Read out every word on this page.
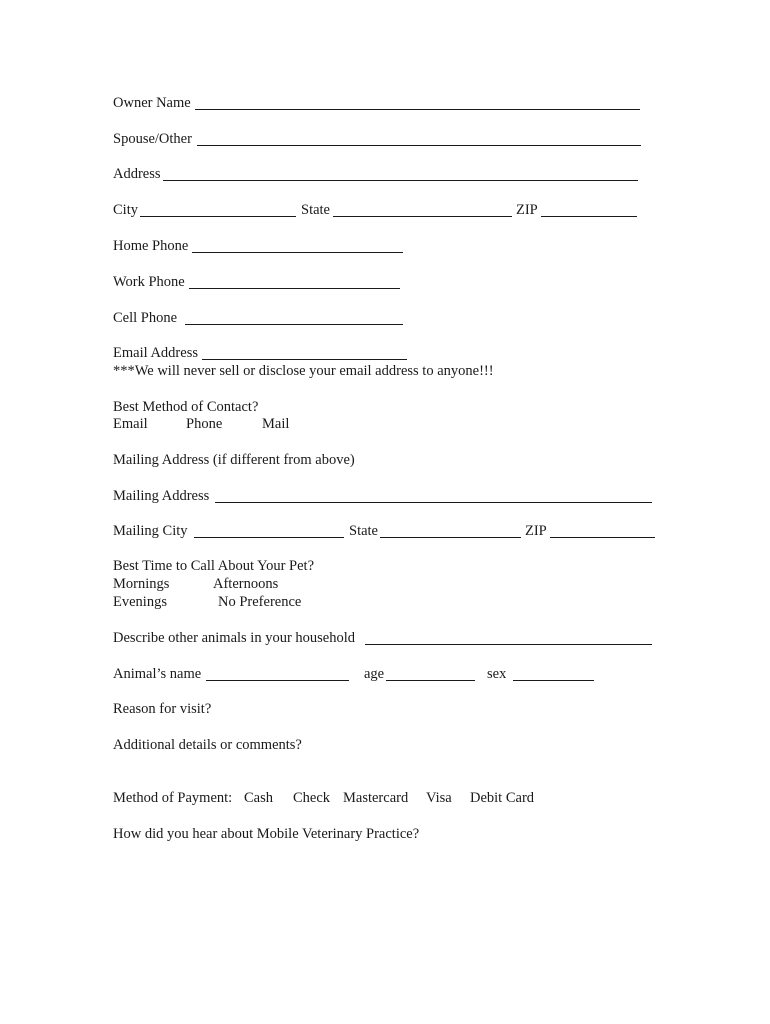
Owner Name
Spouse/Other
Address
City	State	ZIP
Home Phone
Work Phone
Cell Phone
Email Address
***We will never sell or disclose your email address to anyone!!!
Best Method of Contact?
Email	Phone	Mail
Mailing Address (if different from above)
Mailing Address
Mailing City	State	ZIP
Best Time to Call About Your Pet?
Mornings	Afternoons
Evenings	No Preference
Describe other animals in your household
Animal’s name	age	sex
Reason for visit?
Additional details or comments?
Method of Payment: Cash Check Mastercard Visa Debit Card
How did you hear about Mobile Veterinary Practice?
